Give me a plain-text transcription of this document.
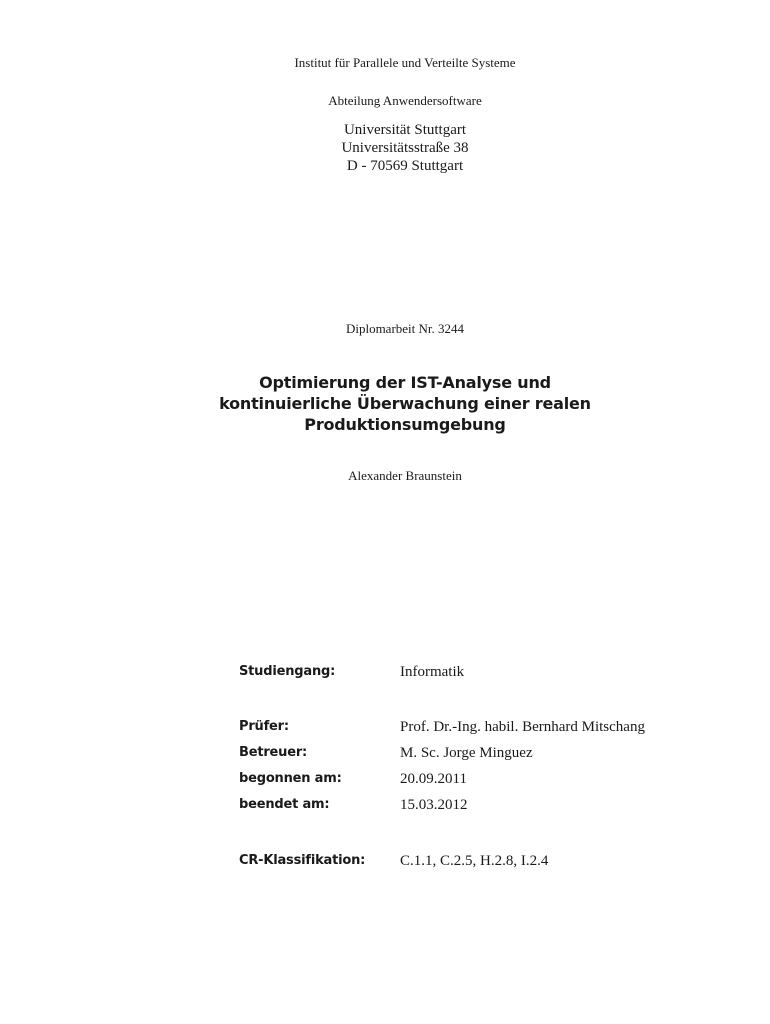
Institut für Parallele und Verteilte Systeme
Abteilung Anwendersoftware
Universität Stuttgart
Universitätsstraße 38
D - 70569 Stuttgart
Diplomarbeit Nr. 3244
Optimierung der IST-Analyse und
kontinuierliche Überwachung einer realen
Produktionsumgebung
Alexander Braunstein
Studiengang:	Informatik
Prüfer:	Prof. Dr.-Ing. habil. Bernhard Mitschang
Betreuer:	M. Sc. Jorge Minguez
begonnen am:	20.09.2011
beendet am:	15.03.2012
CR-Klassifikation: C.1.1, C.2.5, H.2.8, I.2.4
